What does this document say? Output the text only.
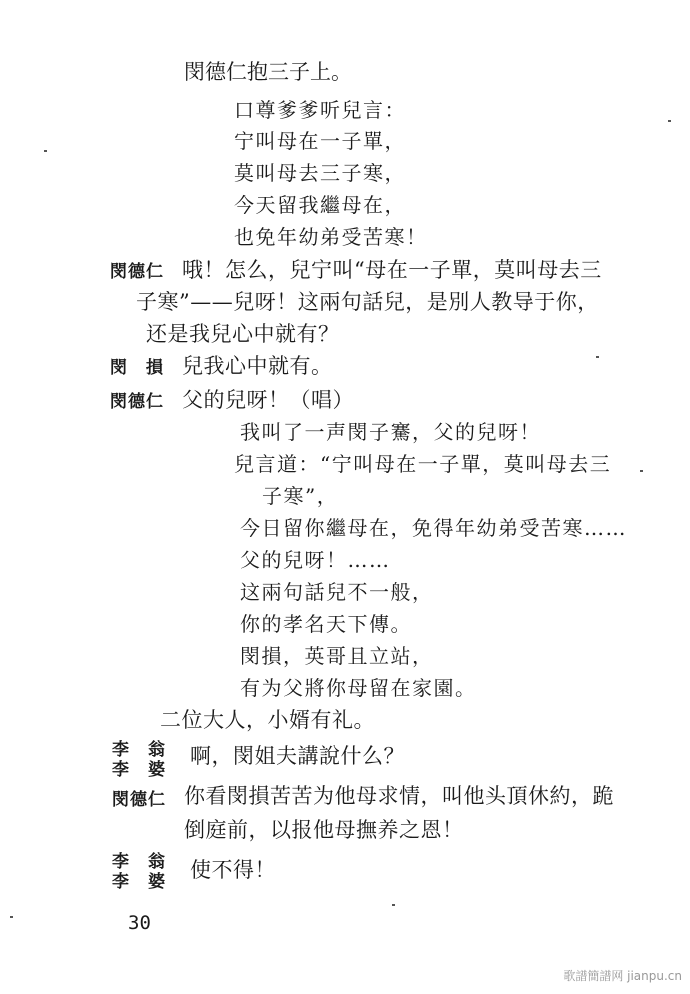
閔德仁抱三子上。
口尊爹爹听兒言：
宁叫母在一子單，
莫叫母去三子寒，
今天留我繼母在，
也免年幼弟受苦寒！
閔德仁 哦！怎么，兒宁叫“母在一子單，莫叫母去三
子寒”——兒呀！这兩句話兒，是別人教导于你，
还是我兒心中就有？
閔　損 兒我心中就有。
閔德仁 父的兒呀！（唱）
我叫了一声閔子騫，父的兒呀！
兒言道：“宁叫母在一子單，莫叫母去三
子寒”，
今日留你繼母在，免得年幼弟受苦寒……
父的兒呀！……
这兩句話兒不一般，
你的孝名天下傳。
閔損，英哥且立站，
有为父將你母留在家園。
二位大人，小婿有礼。
李　翁
李　婆
啊，閔姐夫講說什么？
閔德仁 你看閔損苦苦为他母求情，叫他头頂休約，跪
倒庭前，以报他母撫养之恩！
李　翁
李　婆 使不得！
30
歌譜簡譜网 jianpu.cn
